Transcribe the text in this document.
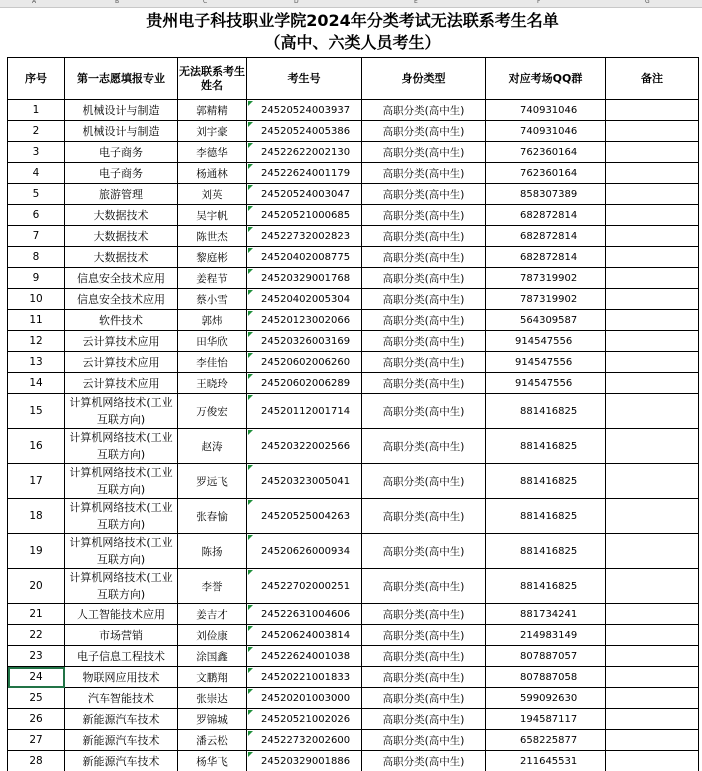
A	B	C	D	E	F	G
贵州电子科技职业学院2024年分类考试无法联系考生名单
（高中、六类人员考生）
序号	第一志愿填报专业	无法联系考生姓名	考生号	身份类型	对应考场QQ群	备注
1	机械设计与制造	郭精精	24520524003937	高职分类(高中生)	740931046	
2	机械设计与制造	刘宇豪	24520524005386	高职分类(高中生)	740931046	
3	电子商务	李德华	24522622002130	高职分类(高中生)	762360164	
4	电子商务	杨通林	24522624001179	高职分类(高中生)	762360164	
5	旅游管理	刘英	24520524003047	高职分类(高中生)	858307389	
6	大数据技术	吴宇帆	24520521000685	高职分类(高中生)	682872814	
7	大数据技术	陈世杰	24522732002823	高职分类(高中生)	682872814	
8	大数据技术	黎庭彬	24520402008775	高职分类(高中生)	682872814	
9	信息安全技术应用	姜程节	24520329001768	高职分类(高中生)	787319902	
10	信息安全技术应用	蔡小雪	24520402005304	高职分类(高中生)	787319902	
11	软件技术	郭炜	24520123002066	高职分类(高中生)	564309587	
12	云计算技术应用	田华欣	24520326003169	高职分类(高中生)	914547556	
13	云计算技术应用	李佳怡	24520602006260	高职分类(高中生)	914547556	
14	云计算技术应用	王晓玲	24520602006289	高职分类(高中生)	914547556	
15	计算机网络技术(工业互联方向)	万俊宏	24520112001714	高职分类(高中生)	881416825	
16	计算机网络技术(工业互联方向)	赵涛	24520322002566	高职分类(高中生)	881416825	
17	计算机网络技术(工业互联方向)	罗远飞	24520323005041	高职分类(高中生)	881416825	
18	计算机网络技术(工业互联方向)	张春愉	24520525004263	高职分类(高中生)	881416825	
19	计算机网络技术(工业互联方向)	陈扬	24520626000934	高职分类(高中生)	881416825	
20	计算机网络技术(工业互联方向)	李誉	24522702000251	高职分类(高中生)	881416825	
21	人工智能技术应用	姜吉才	24522631004606	高职分类(高中生)	881734241	
22	市场营销	刘俭康	24520624003814	高职分类(高中生)	214983149	
23	电子信息工程技术	涂国鑫	24522624001038	高职分类(高中生)	807887057	
24	物联网应用技术	文鹏翔	24520221001833	高职分类(高中生)	807887058	
25	汽车智能技术	张崇达	24520201003000	高职分类(高中生)	599092630	
26	新能源汽车技术	罗锦城	24520521002026	高职分类(高中生)	194587117	
27	新能源汽车技术	潘云松	24522732002600	高职分类(高中生)	658225877	
28	新能源汽车技术	杨华飞	24520329001886	高职分类(高中生)	211645531	
